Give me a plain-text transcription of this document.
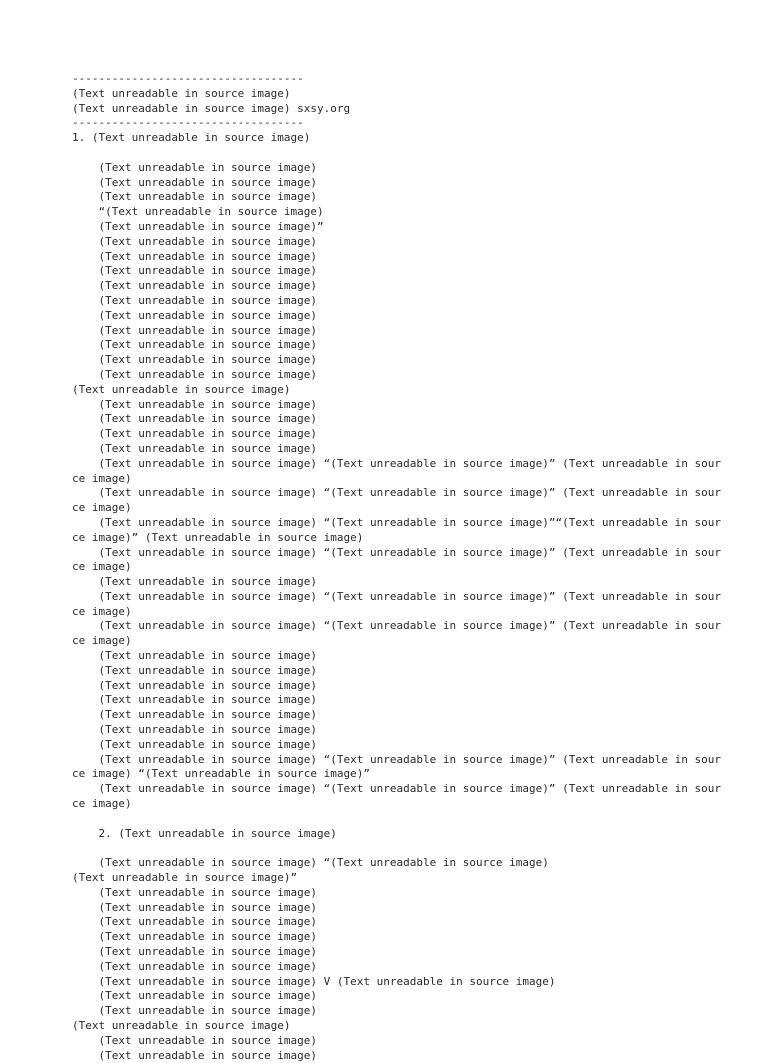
-----------------------------------
(Text unreadable in source image)
(Text unreadable in source image) sxsy.org
-----------------------------------
1. (Text unreadable in source image)
(Text unreadable in source image)
(Text unreadable in source image)
(Text unreadable in source image)
“(Text unreadable in source image)
(Text unreadable in source image)”
(Text unreadable in source image)
(Text unreadable in source image)
(Text unreadable in source image)
(Text unreadable in source image)
(Text unreadable in source image)
(Text unreadable in source image)
(Text unreadable in source image)
(Text unreadable in source image)
(Text unreadable in source image)
(Text unreadable in source image)
(Text unreadable in source image)
(Text unreadable in source image)
(Text unreadable in source image)
(Text unreadable in source image)
(Text unreadable in source image)
(Text unreadable in source image) “(Text unreadable in source image)” (Text unreadable in source image)
(Text unreadable in source image) “(Text unreadable in source image)” (Text unreadable in source image)
(Text unreadable in source image) “(Text unreadable in source image)”“(Text unreadable in source image)” (Text unreadable in source image)
(Text unreadable in source image) “(Text unreadable in source image)” (Text unreadable in source image)
(Text unreadable in source image)
(Text unreadable in source image) “(Text unreadable in source image)” (Text unreadable in source image)
(Text unreadable in source image) “(Text unreadable in source image)” (Text unreadable in source image)
(Text unreadable in source image)
(Text unreadable in source image)
(Text unreadable in source image)
(Text unreadable in source image)
(Text unreadable in source image)
(Text unreadable in source image)
(Text unreadable in source image)
(Text unreadable in source image) “(Text unreadable in source image)” (Text unreadable in source image) “(Text unreadable in source image)”
(Text unreadable in source image) “(Text unreadable in source image)” (Text unreadable in source image)
2. (Text unreadable in source image)
(Text unreadable in source image) “(Text unreadable in source image)
(Text unreadable in source image)”
(Text unreadable in source image)
(Text unreadable in source image)
(Text unreadable in source image)
(Text unreadable in source image)
(Text unreadable in source image)
(Text unreadable in source image)
(Text unreadable in source image) V (Text unreadable in source image)
(Text unreadable in source image)
(Text unreadable in source image)
(Text unreadable in source image)
(Text unreadable in source image)
(Text unreadable in source image)
